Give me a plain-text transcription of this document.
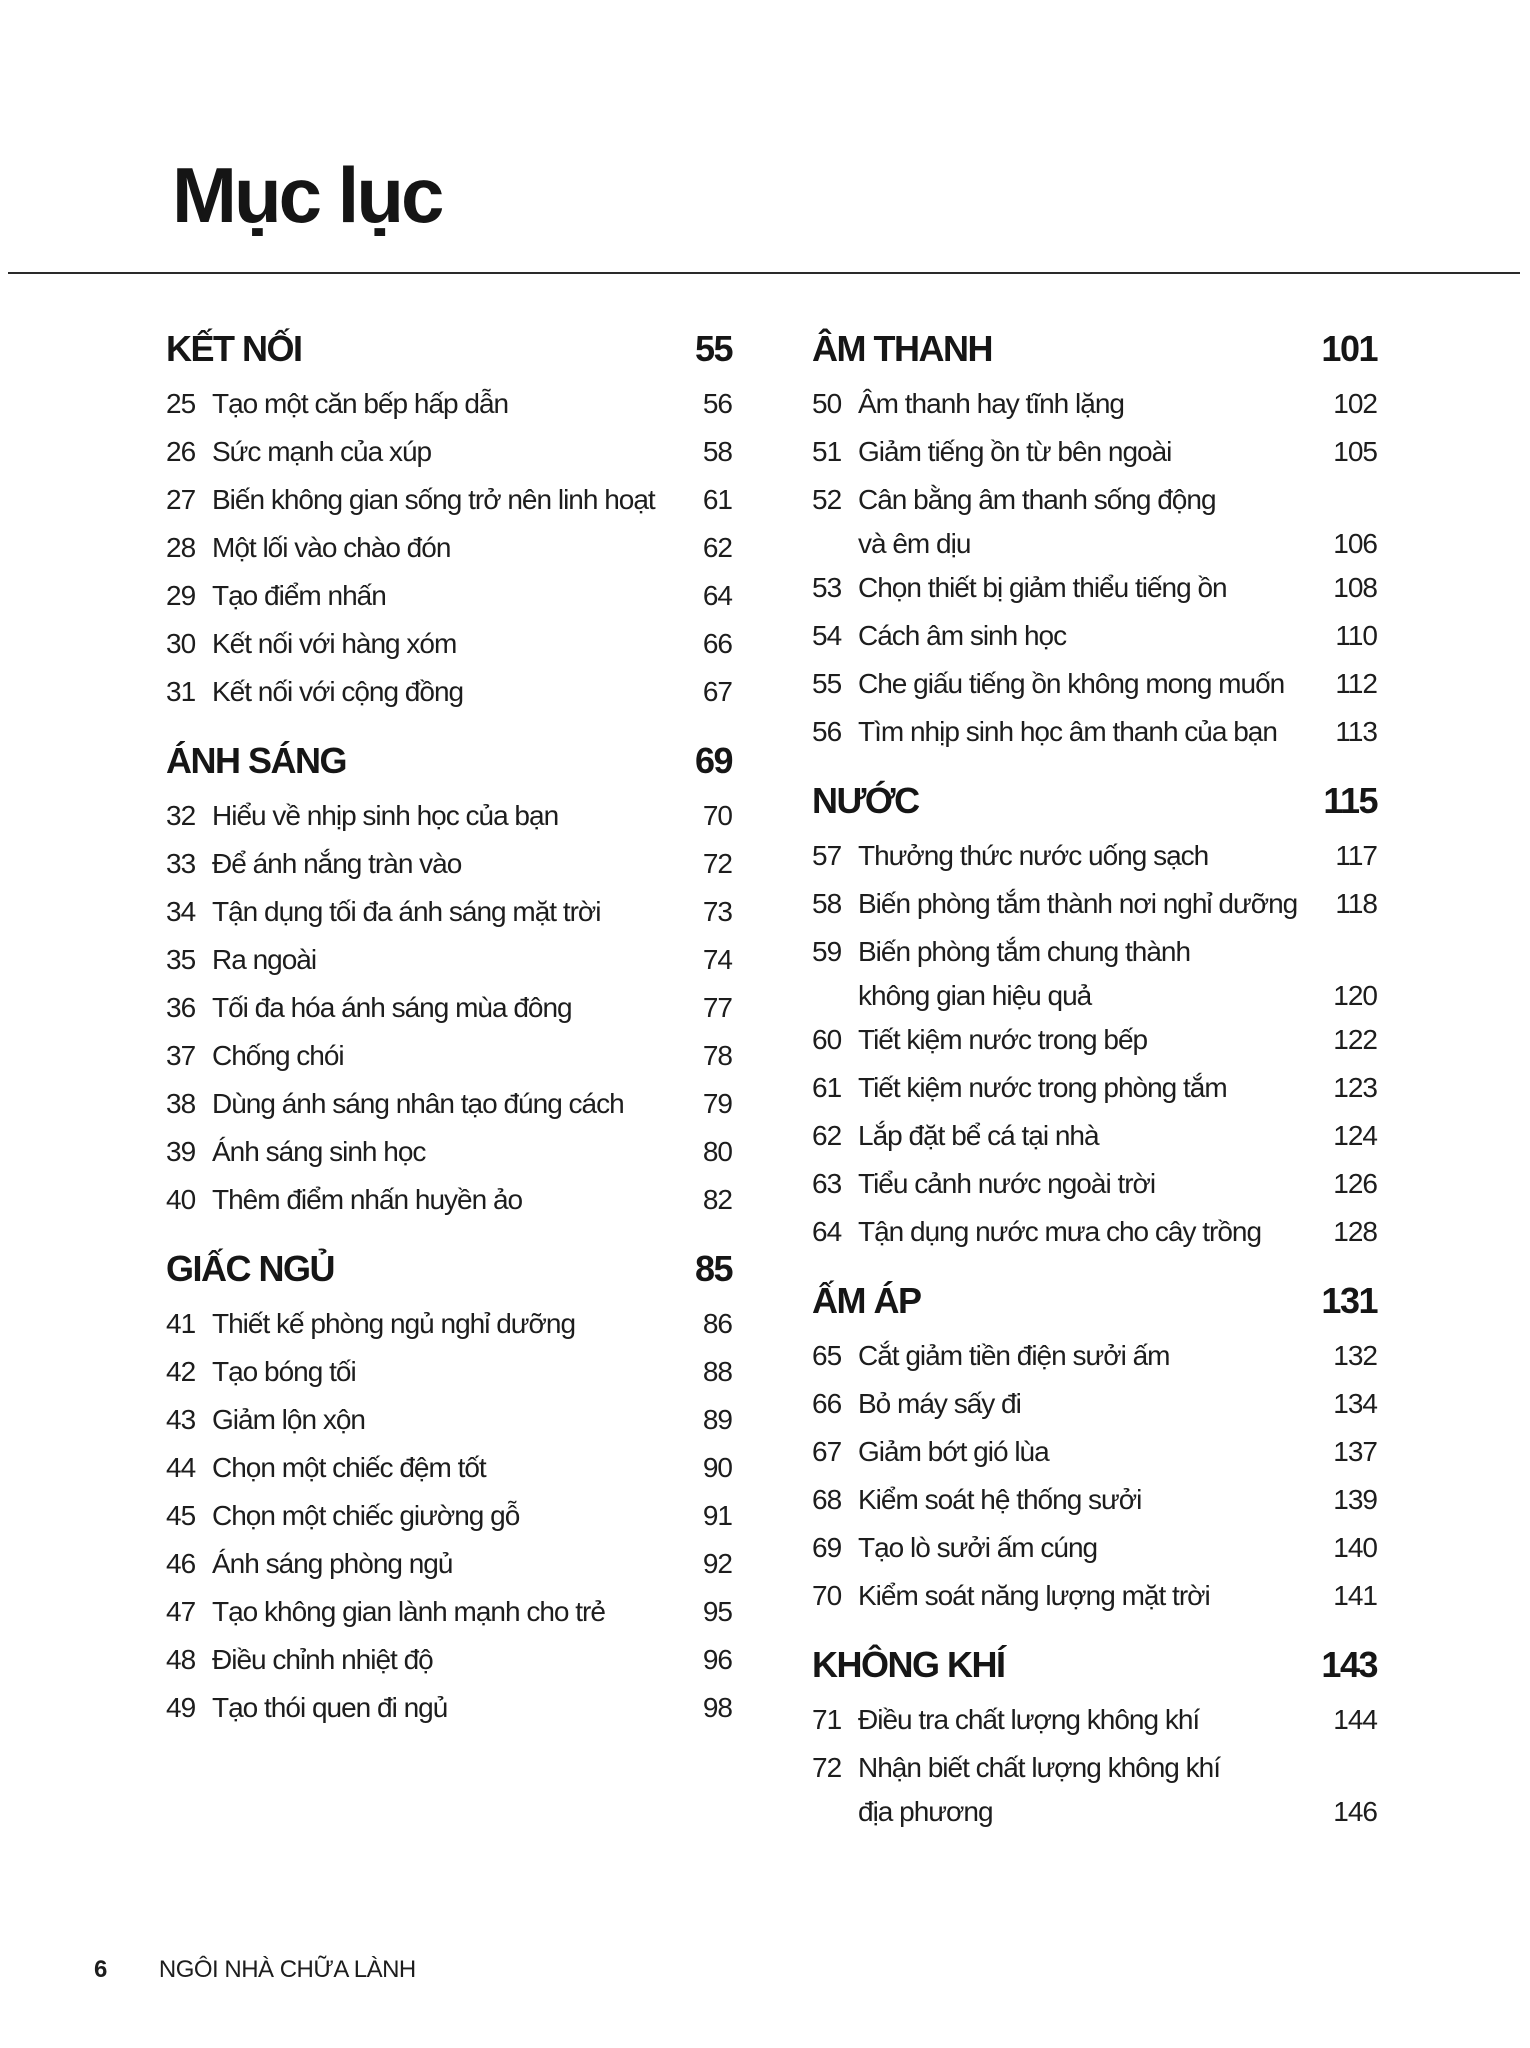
Mục lục
KẾT NỐI	55
25 Tạo một căn bếp hấp dẫn	56
26 Sức mạnh của xúp	58
27 Biến không gian sống trở nên linh hoạt	61
28 Một lối vào chào đón	62
29 Tạo điểm nhấn	64
30 Kết nối với hàng xóm	66
31 Kết nối với cộng đồng	67
ÁNH SÁNG	69
32 Hiểu về nhịp sinh học của bạn	70
33 Để ánh nắng tràn vào	72
34 Tận dụng tối đa ánh sáng mặt trời	73
35 Ra ngoài	74
36 Tối đa hóa ánh sáng mùa đông	77
37 Chống chói	78
38 Dùng ánh sáng nhân tạo đúng cách	79
39 Ánh sáng sinh học	80
40 Thêm điểm nhấn huyền ảo	82
GIẤC NGỦ	85
41 Thiết kế phòng ngủ nghỉ dưỡng	86
42 Tạo bóng tối	88
43 Giảm lộn xộn	89
44 Chọn một chiếc đệm tốt	90
45 Chọn một chiếc giường gỗ	91
46 Ánh sáng phòng ngủ	92
47 Tạo không gian lành mạnh cho trẻ	95
48 Điều chỉnh nhiệt độ	96
49 Tạo thói quen đi ngủ	98
ÂM THANH	101
50 Âm thanh hay tĩnh lặng	102
51 Giảm tiếng ồn từ bên ngoài	105
52 Cân bằng âm thanh sống động
và êm dịu	106
53 Chọn thiết bị giảm thiểu tiếng ồn	108
54 Cách âm sinh học	110
55 Che giấu tiếng ồn không mong muốn	112
56 Tìm nhịp sinh học âm thanh của bạn	113
NƯỚC	115
57 Thưởng thức nước uống sạch	117
58 Biến phòng tắm thành nơi nghỉ dưỡng	118
59 Biến phòng tắm chung thành
không gian hiệu quả	120
60 Tiết kiệm nước trong bếp	122
61 Tiết kiệm nước trong phòng tắm	123
62 Lắp đặt bể cá tại nhà	124
63 Tiểu cảnh nước ngoài trời	126
64 Tận dụng nước mưa cho cây trồng	128
ẤM ÁP	131
65 Cắt giảm tiền điện sưởi ấm	132
66 Bỏ máy sấy đi	134
67 Giảm bớt gió lùa	137
68 Kiểm soát hệ thống sưởi	139
69 Tạo lò sưởi ấm cúng	140
70 Kiểm soát năng lượng mặt trời	141
KHÔNG KHÍ	143
71 Điều tra chất lượng không khí	144
72 Nhận biết chất lượng không khí
địa phương	146
6 NGÔI NHÀ CHỮA LÀNH
